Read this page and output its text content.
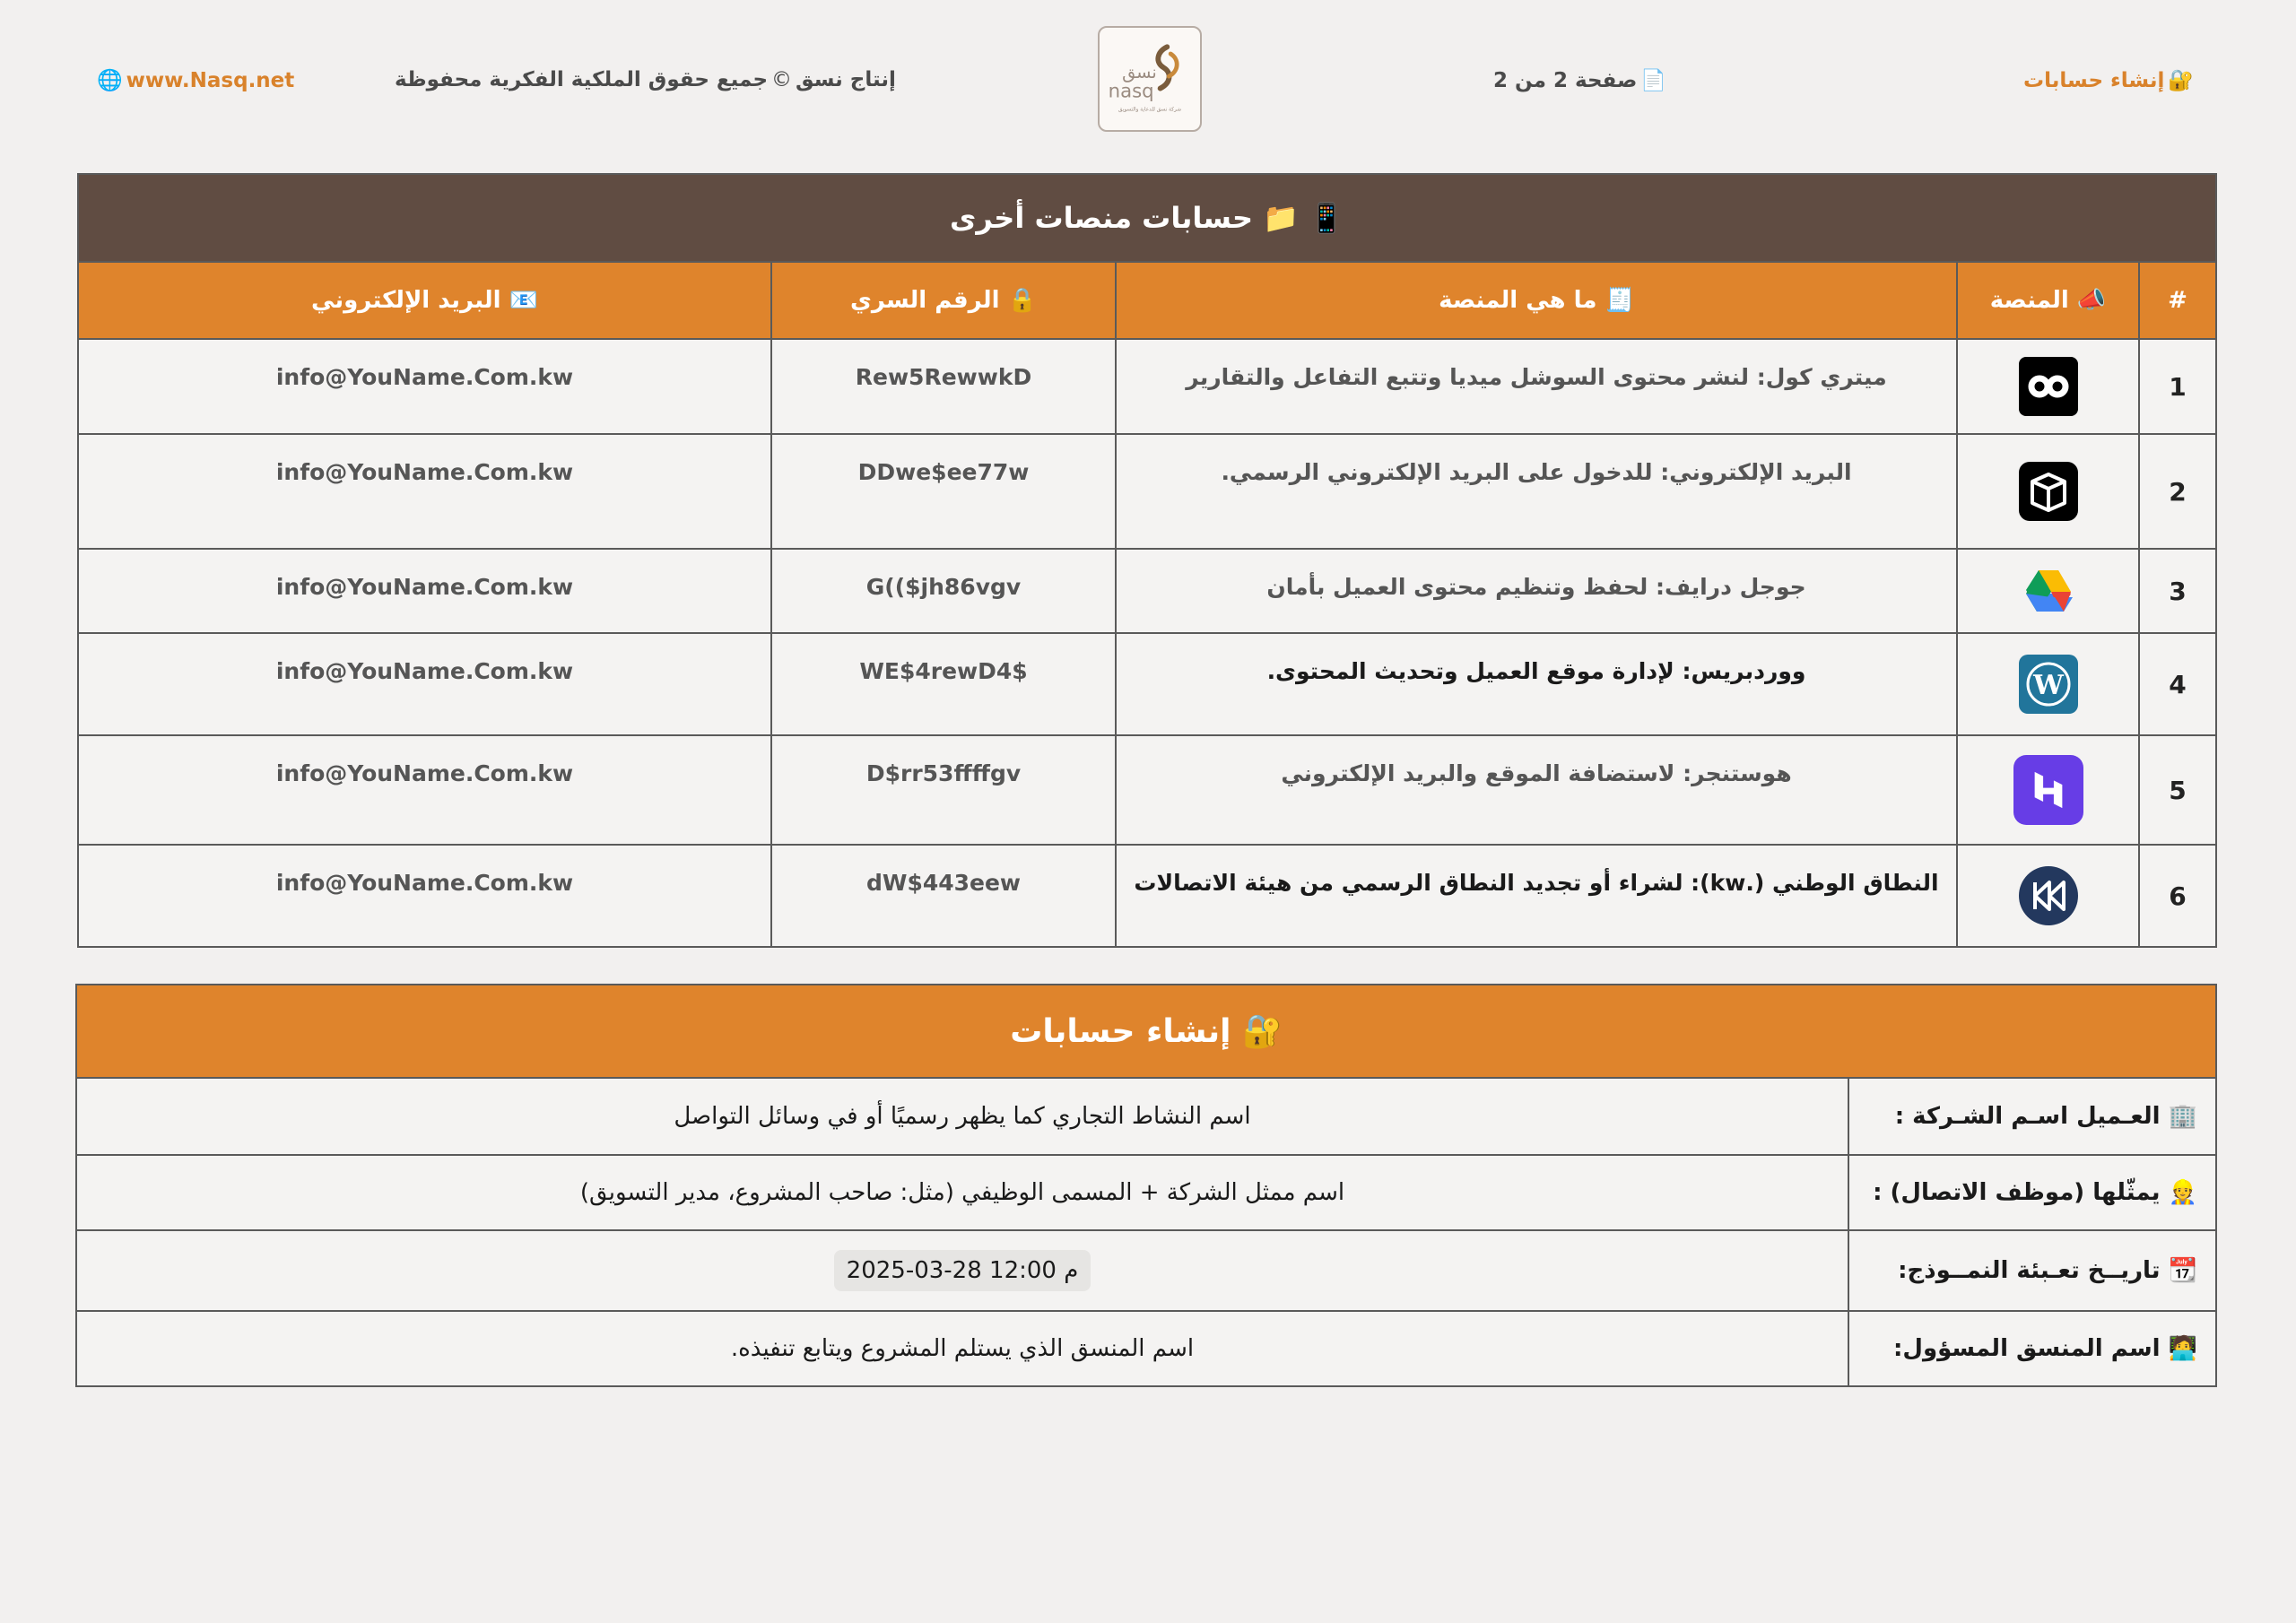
🔐إنشاء حسابات
📄صفحة 2 من 2
نسق
nasq
شركة نسق للدعاية والتسويق
إنتاج نسق©جميع حقوق الملكية الفكرية محفوظة
🌐 www.Nasq.net
📱 📁 حسابات منصات أخرى				
📧 البريد الإلكتروني	🔒 الرقم السري	🧾 ما هي المنصة	📣 المنصة	#

info@YouName.Com.kw	Rew5RewwkD	ميتري كول: لنشر محتوى السوشل ميديا وتتبع التفاعل والتقارير		1

info@YouName.Com.kw	DDwe$ee77w	البريد الإلكتروني: للدخول على البريد الإلكتروني الرسمي.		2

info@YouName.Com.kw	G(($jh86vgv	جوجل درايف: لحفظ وتنظيم محتوى العميل بأمان		3

info@YouName.Com.kw	WE$4rewD4$	ووردبريس: لإدارة موقع العميل وتحديث المحتوى.	W	4

info@YouName.Com.kw	D$rr53ffffgv	هوستنجر: لاستضافة الموقع والبريد الإلكتروني		5

info@YouName.Com.kw	dW$443eew	النطاق الوطني (.kw): لشراء أو تجديد النطاق الرسمي من هيئة الاتصالات		6
🔐 إنشاء حسابات	
اسم النشاط التجاري كما يظهر رسميًا أو في وسائل التواصل	🏢 العـميل اسـم الشـركة :
اسم ممثل الشركة + المسمى الوظيفي (مثل: صاحب المشروع، مدير التسويق)	👷 يمثّلها (موظف الاتصال) :
2025-03-28 12:00 م	📆 تاريــخ تعـبئة النمــوذج:
اسم المنسق الذي يستلم المشروع ويتابع تنفيذه.	🧑‍💻 اسم المنسق المسؤول:
